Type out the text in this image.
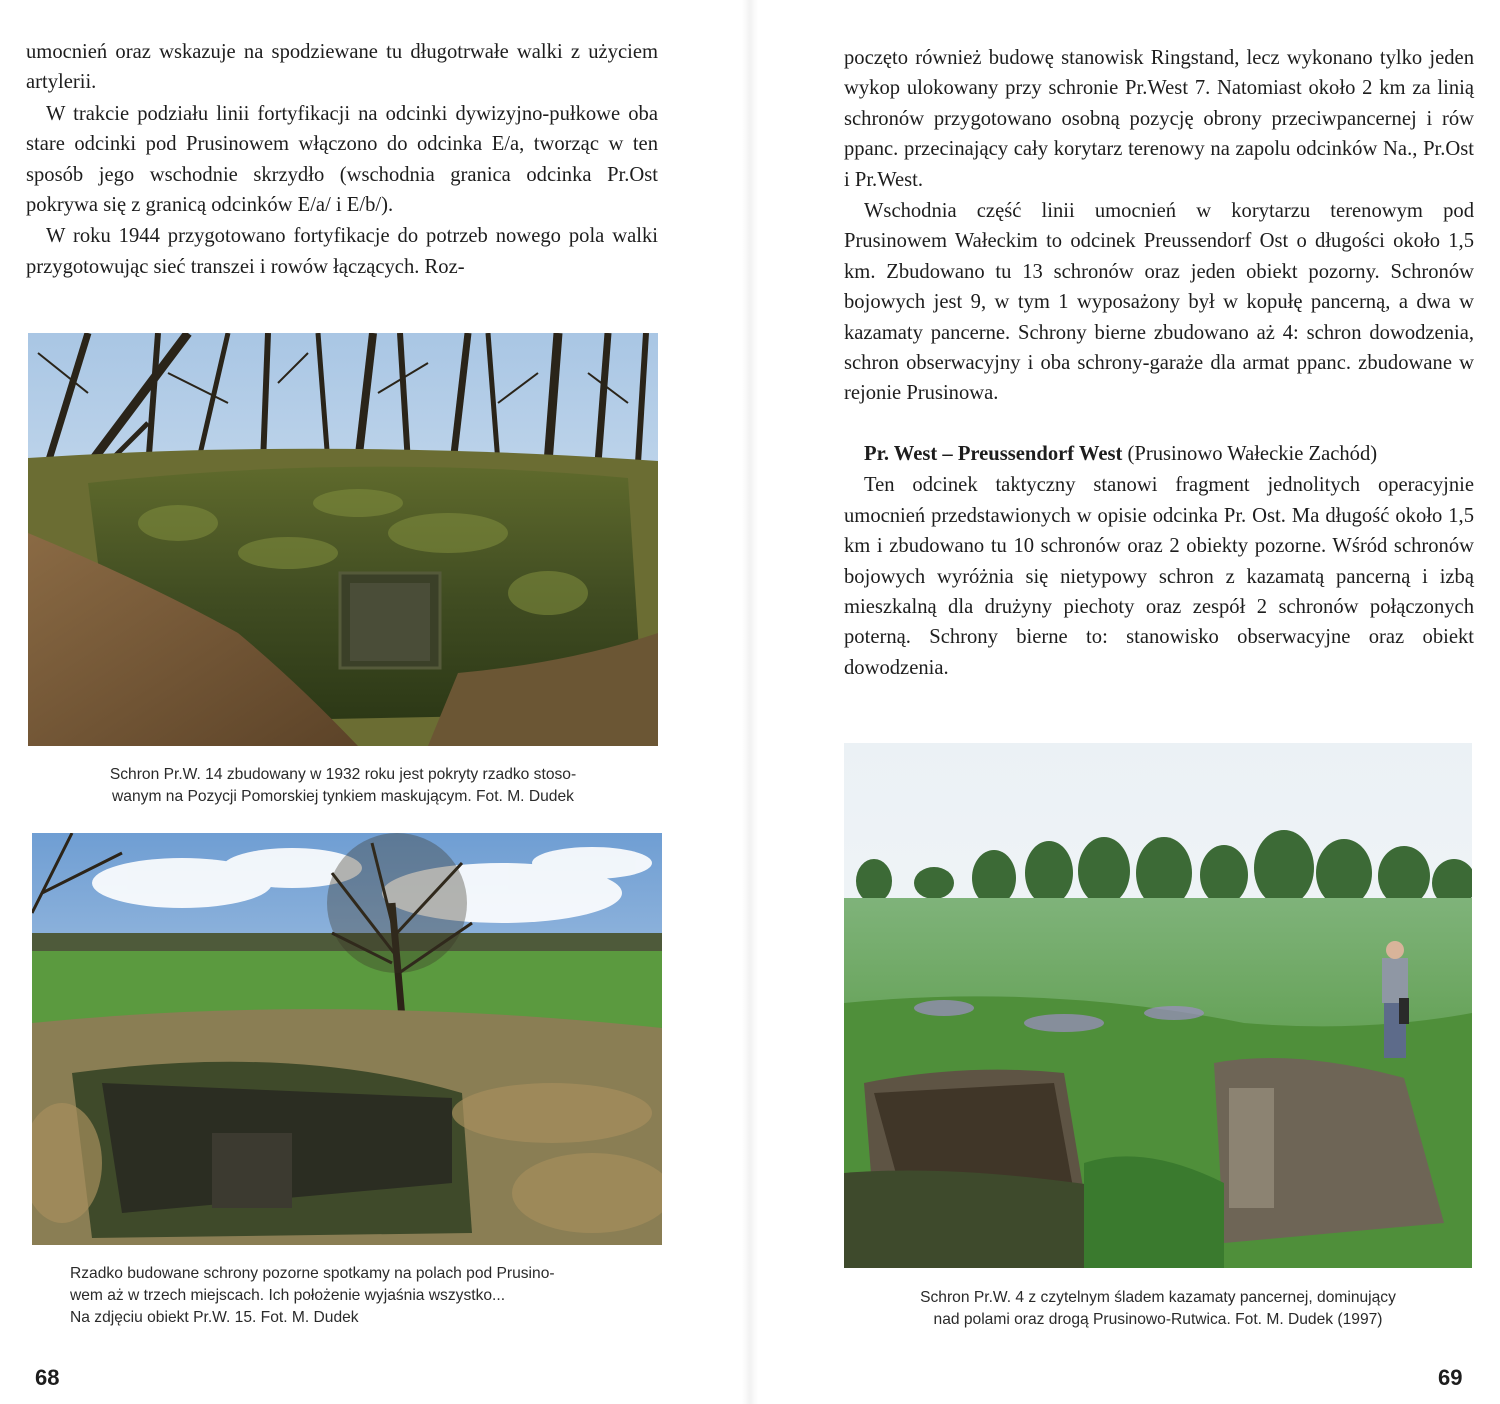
umocnień oraz wskazuje na spodziewane tu długotrwałe walki z użyciem artylerii.

W trakcie podziału linii fortyfikacji na odcinki dywizyjno-pułkowe oba stare odcinki pod Prusinowem włączono do odcinka E/a, tworząc w ten sposób jego wschodnie skrzydło (wschodnia granica odcinka Pr.Ost pokrywa się z granicą odcinków E/a/ i E/b/).

W roku 1944 przygotowano fortyfikacje do potrzeb nowego pola walki przygotowując sieć transzei i rowów łączących. Roz-

Schron Pr.W. 14 zbudowany w 1932 roku jest pokryty rzadko stoso-
wanym na Pozycji Pomorskiej tynkiem maskującym. Fot. M. Dudek
Rzadko budowane schrony pozorne spotkamy na polach pod Prusino-
wem aż w trzech miejscach. Ich położenie wyjaśnia wszystko...
Na zdjęciu obiekt Pr.W. 15. Fot. M. Dudek
68

poczęto również budowę stanowisk Ringstand, lecz wykonano tylko jeden wykop ulokowany przy schronie Pr.West 7. Natomiast około 2 km za linią schronów przygotowano osobną pozycję obrony przeciwpancernej i rów ppanc. przecinający cały korytarz terenowy na zapolu odcinków Na., Pr.Ost i Pr.West.

Wschodnia część linii umocnień w korytarzu terenowym pod Prusinowem Wałeckim to odcinek Preussendorf Ost o długości około 1,5 km. Zbudowano tu 13 schronów oraz jeden obiekt pozorny. Schronów bojowych jest 9, w tym 1 wyposażony był w kopułę pancerną, a dwa w kazamaty pancerne. Schrony bierne zbudowano aż 4: schron dowodzenia, schron obserwacyjny i oba schrony-garaże dla armat ppanc. zbudowane w rejonie Prusinowa.

Pr. West – Preussendorf West (Prusinowo Wałeckie Zachód)

Ten odcinek taktyczny stanowi fragment jednolitych operacyjnie umocnień przedstawionych w opisie odcinka Pr. Ost. Ma długość około 1,5 km i zbudowano tu 10 schronów oraz 2 obiekty pozorne. Wśród schronów bojowych wyróżnia się nietypowy schron z kazamatą pancerną i izbą mieszkalną dla drużyny piechoty oraz zespół 2 schronów połączonych poterną. Schrony bierne to: stanowisko obserwacyjne oraz obiekt dowodzenia.

Schron Pr.W. 4 z czytelnym śladem kazamaty pancernej, dominujący
nad polami oraz drogą Prusinowo-Rutwica. Fot. M. Dudek (1997)
69
